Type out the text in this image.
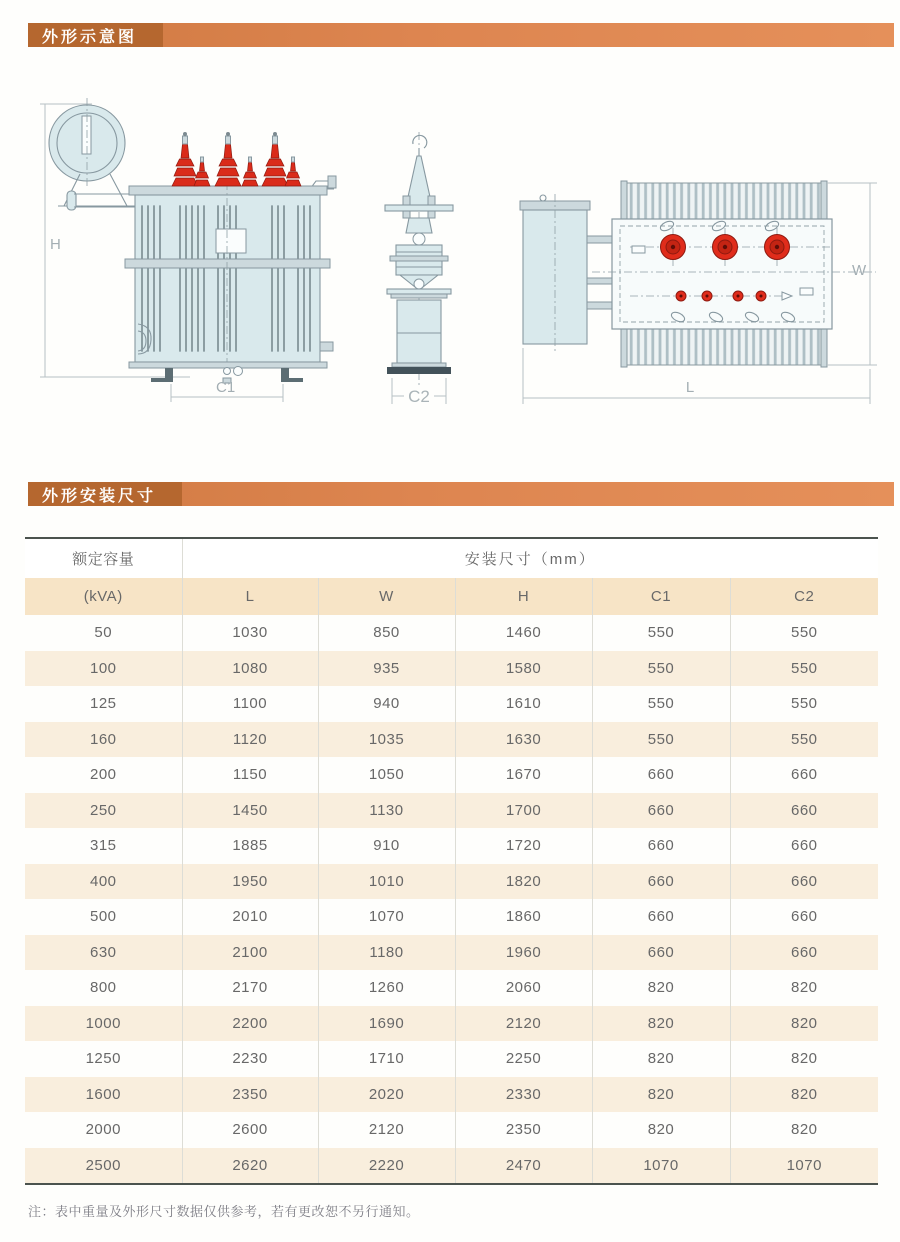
外形示意图
H
C1	C2
W
L
外形安装尺寸
额定容量	安装尺寸（mm）				
(kVA)	L	W	H	C1	C2
50	1030	850	1460	550	550
100	1080	935	1580	550	550
125	1100	940	1610	550	550
160	1120	1035	1630	550	550
200	1150	1050	1670	660	660
250	1450	1130	1700	660	660
315	1885	910	1720	660	660
400	1950	1010	1820	660	660
500	2010	1070	1860	660	660
630	2100	1180	1960	660	660
800	2170	1260	2060	820	820
1000	2200	1690	2120	820	820
1250	2230	1710	2250	820	820
1600	2350	2020	2330	820	820
2000	2600	2120	2350	820	820
2500	2620	2220	2470	1070	1070
注：表中重量及外形尺寸数据仅供参考，若有更改恕不另行通知。
